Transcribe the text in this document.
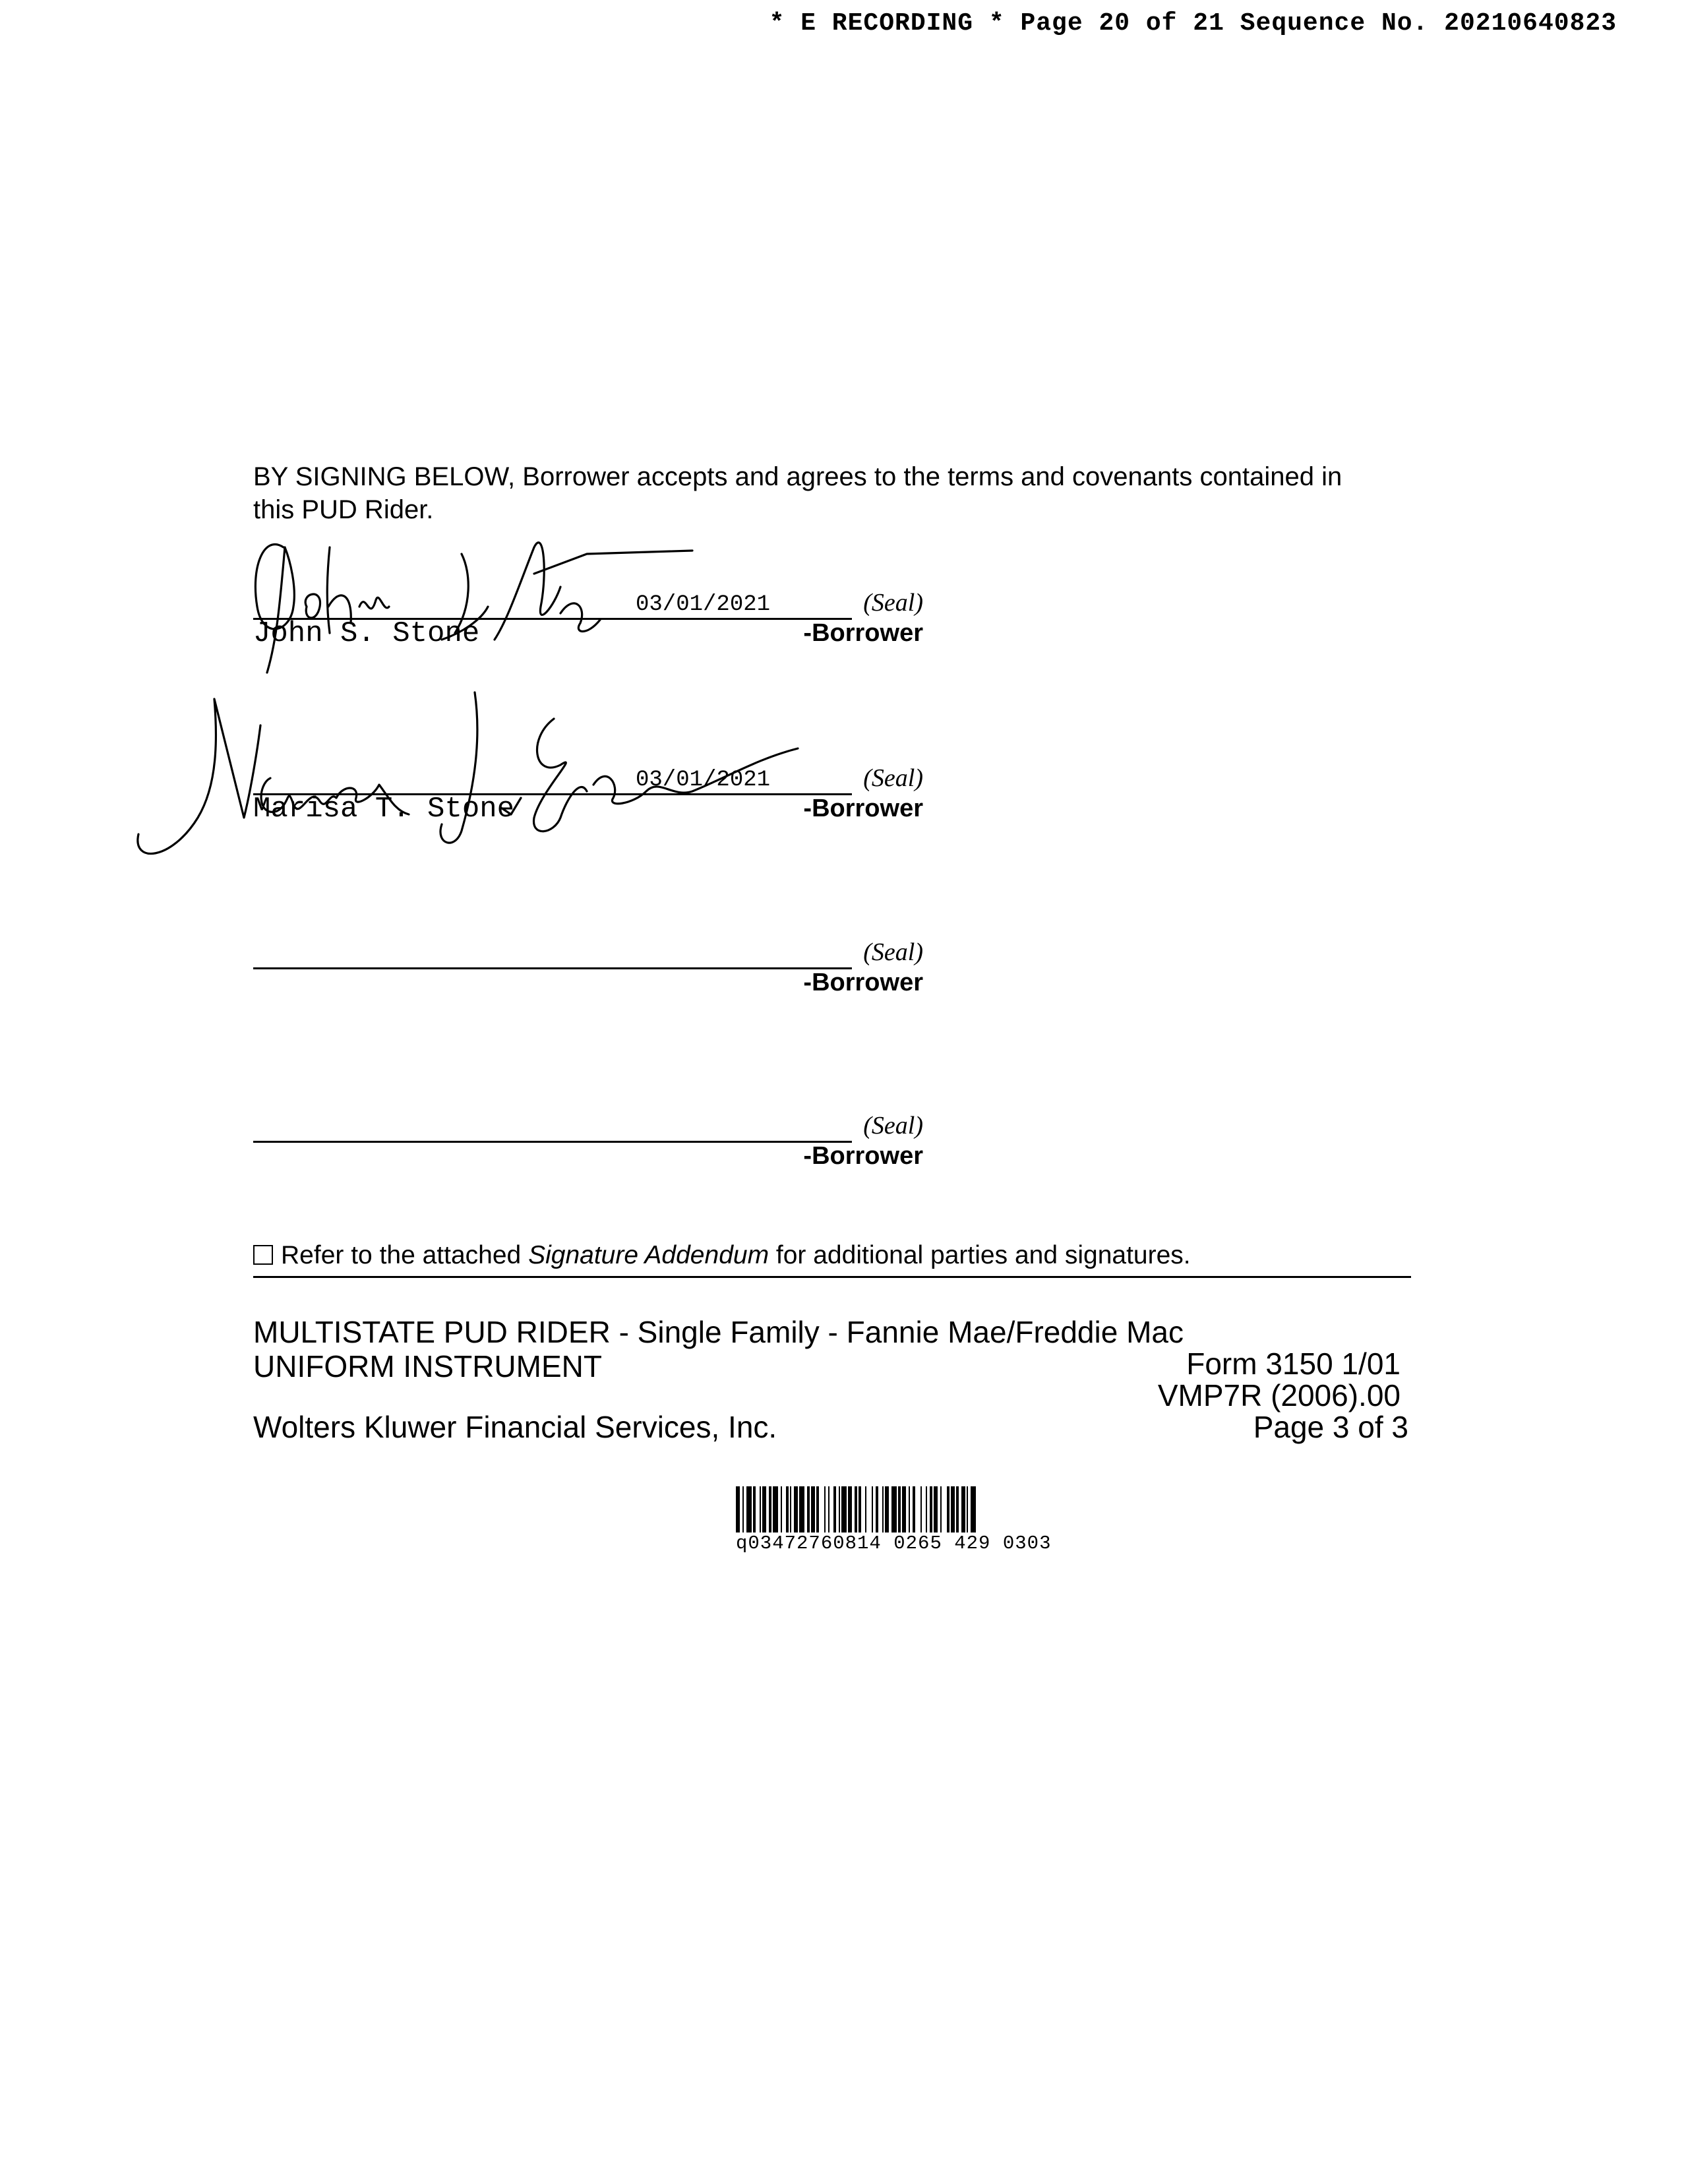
* E RECORDING * Page 20 of 21 Sequence No. 20210640823
BY SIGNING BELOW, Borrower accepts and agrees to the terms and covenants contained in this PUD Rider.
03/01/2021	(Seal)
John S. Stone	-Borrower
03/01/2021	(Seal)
Marisa T. Stone	-Borrower
(Seal)
-Borrower
(Seal)
-Borrower
Refer to the attached Signature Addendum for additional parties and signatures.
MULTISTATE PUD RIDER - Single Family - Fannie Mae/Freddie Mac
UNIFORM INSTRUMENT	Form 3150 1/01
VMP7R (2006).00
Wolters Kluwer Financial Services, Inc.	Page 3 of 3
q03472760814 0265 429 0303
